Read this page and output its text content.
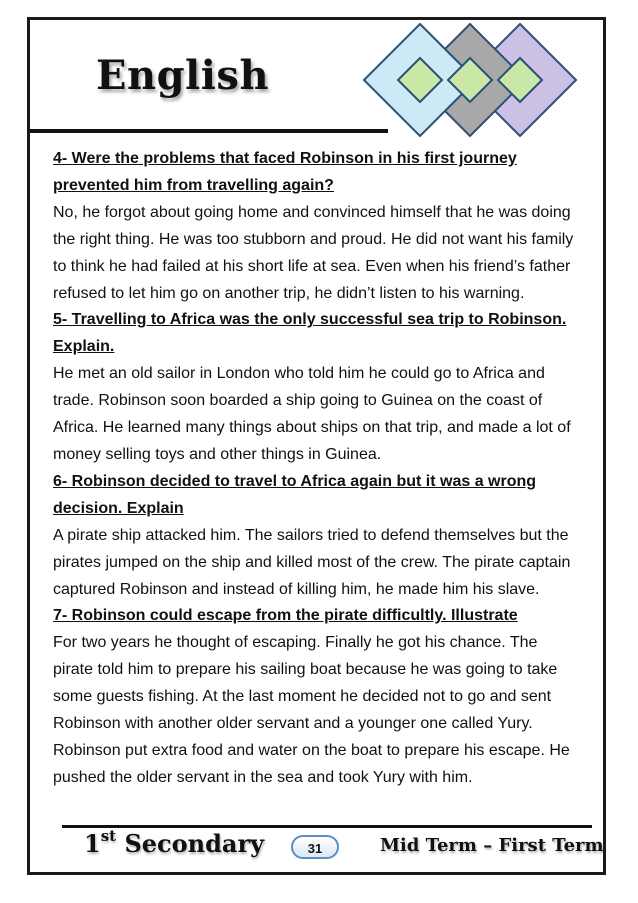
English

4- Were the problems that faced Robinson in his first journey

prevented him from travelling again?

No, he forgot about going home and convinced himself that he was doing

the right thing. He was too stubborn and proud. He did not want his family

to think he had failed at his short life at sea. Even when his friend’s father

refused to let him go on another trip, he didn’t listen to his warning.

5- Travelling to Africa was the only successful sea trip to Robinson.

Explain.

He met an old sailor in London who told him he could go to Africa and

trade. Robinson soon boarded a ship going to Guinea on the coast of

Africa. He learned many things about ships on that trip, and made a lot of

money selling toys and other things in Guinea.

6- Robinson decided to travel to Africa again but it was a wrong

decision. Explain

A pirate ship attacked him. The sailors tried to defend themselves but the

pirates jumped on the ship and killed most of the crew. The pirate captain

captured Robinson and instead of killing him, he made him his slave.

7- Robinson could escape from the pirate difficultly. Illustrate

For two years he thought of escaping. Finally he got his chance. The

pirate told him to prepare his sailing boat because he was going to take

some guests fishing. At the last moment he decided not to go and sent

Robinson with another older servant and a younger one called Yury.

Robinson put extra food and water on the boat to prepare his escape. He

pushed the older servant in the sea and took Yury with him.

1st Secondary	31	Mid Term – First Term
